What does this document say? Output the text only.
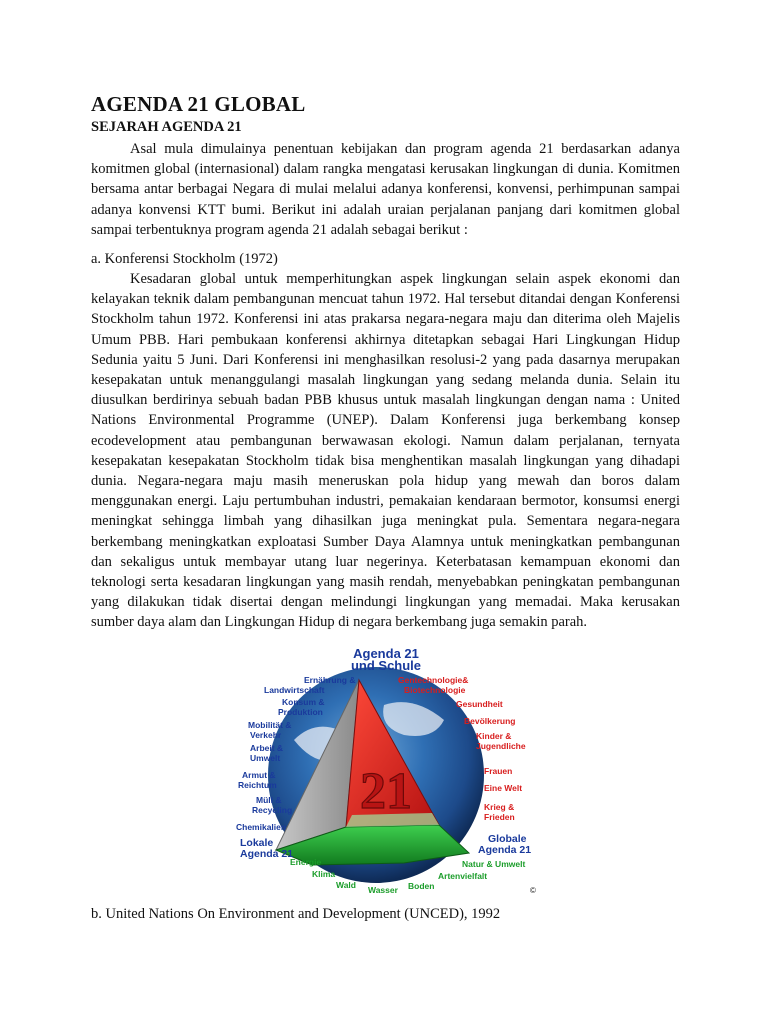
AGENDA 21 GLOBAL
SEJARAH AGENDA 21

Asal mula dimulainya penentuan kebijakan dan program agenda 21 berdasarkan adanya komitmen global (internasional) dalam rangka mengatasi kerusakan lingkungan di dunia. Komitmen bersama antar berbagai Negara di mulai melalui adanya konferensi, konvensi, perhimpunan sampai adanya konvensi KTT bumi. Berikut ini adalah uraian perjalanan panjang dari komitmen global sampai terbentuknya program agenda 21 adalah sebagai berikut :

a. Konferensi Stockholm (1972)

Kesadaran global untuk memperhitungkan aspek lingkungan selain aspek ekonomi dan kelayakan teknik dalam pembangunan mencuat tahun 1972. Hal tersebut ditandai dengan Konferensi Stockholm tahun 1972. Konferensi ini atas prakarsa negara-negara maju dan diterima oleh Majelis Umum PBB. Hari pembukaan konferensi akhirnya ditetapkan sebagai Hari Lingkungan Hidup Sedunia yaitu 5 Juni. Dari Konferensi ini menghasilkan resolusi-2 yang pada dasarnya merupakan kesepakatan untuk menanggulangi masalah lingkungan yang sedang melanda dunia. Selain itu diusulkan berdirinya sebuah badan PBB khusus untuk masalah lingkungan dengan nama : United Nations Environmental Programme (UNEP). Dalam Konferensi juga berkembang konsep ecodevelopment atau pembangunan berwawasan ekologi. Namun dalam perjalanan, ternyata kesepakatan kesepakatan Stockholm tidak bisa menghentikan masalah lingkungan yang dihadapi dunia. Negara-negara maju masih meneruskan pola hidup yang mewah dan boros dalam menggunakan energi. Laju pertumbuhan industri, pemakaian kendaraan bermotor, konsumsi energi meningkat sehingga limbah yang dihasilkan juga meningkat pula. Sementara negara-negara berkembang meningkatkan exploatasi Sumber Daya Alamnya untuk meningkatkan pembangunan dan sekaligus untuk membayar utang luar negerinya. Keterbatasan kemampuan ekonomi dan teknologi serta kesadaran lingkungan yang masih rendah, menyebabkan peningkatan pembangunan yang dilakukan tidak disertai dengan melindungi lingkungan yang memadai. Maka kerusakan sumber daya alam dan Lingkungan Hidup di negara berkembang juga semakin parah.

b. United Nations On Environment and Development (UNCED), 1992

21
Agenda 21
und Schule
Ernährung &
Landwirtschaft
Konsum &
Produktion
Mobilität &
Verkehr
Arbeit &
Umwelt
Armut &
Reichtum
Müll &
Recycling
Chemikalien
Lokale
Agenda 21
Gentechnologie&
Biotechnologie
Gesundheit
Bevölkerung
Kinder &
Jugendliche
Frauen
Eine Welt
Krieg &
Frieden
Globale
Agenda 21
Energie
Klima
Wald Wasser Boden
Artenvielfalt
Natur & Umwelt
©
